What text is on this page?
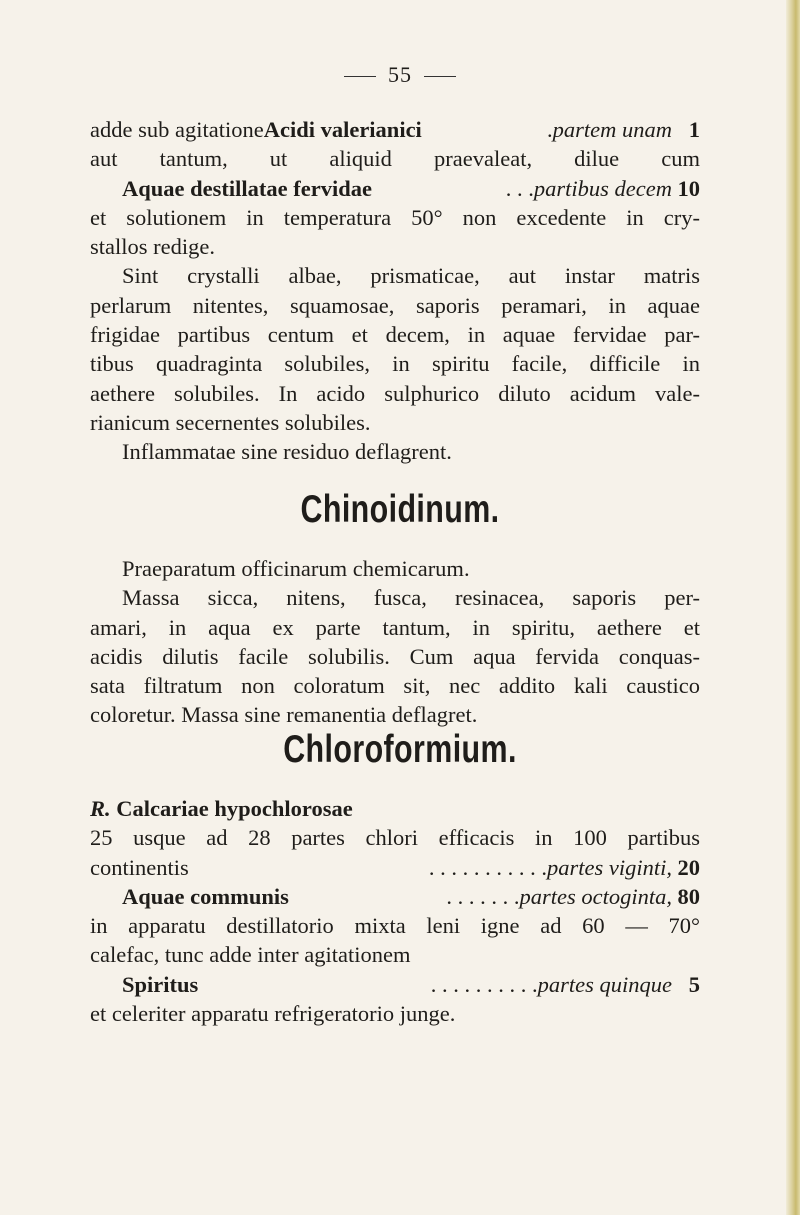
55
adde sub agitatione Acidi valerianici	. partem unam 1
aut tantum, ut aliquid praevaleat, dilue cum
Aquae destillatae fervidae	. . . partibus decem 10
et solutionem in temperatura 50° non excedente in cry-
stallos redige.
Sint crystalli albae, prismaticae, aut instar matris
perlarum nitentes, squamosae, saporis peramari, in aquae
frigidae partibus centum et decem, in aquae fervidae par-
tibus quadraginta solubiles, in spiritu facile, difficile in
aethere solubiles. In acido sulphurico diluto acidum vale-
rianicum secernentes solubiles.
Inflammatae sine residuo deflagrent.
Chinoidinum.
Praeparatum officinarum chemicarum.
Massa sicca, nitens, fusca, resinacea, saporis per-
amari, in aqua ex parte tantum, in spiritu, aethere et
acidis dilutis facile solubilis. Cum aqua fervida conquas-
sata filtratum non coloratum sit, nec addito kali caustico
coloretur. Massa sine remanentia deflagret.
Chloroformium.
R. Calcariae hypochlorosae
25 usque ad 28 partes chlori efficacis in 100 partibus
continentis	. . . . . . . . . . . partes viginti, 20
Aquae communis	. . . . . . . partes octoginta, 80
in apparatu destillatorio mixta leni igne ad 60 — 70°
calefac, tunc adde inter agitationem
Spiritus	. . . . . . . . . . partes quinque 5
et celeriter apparatu refrigeratorio junge.
